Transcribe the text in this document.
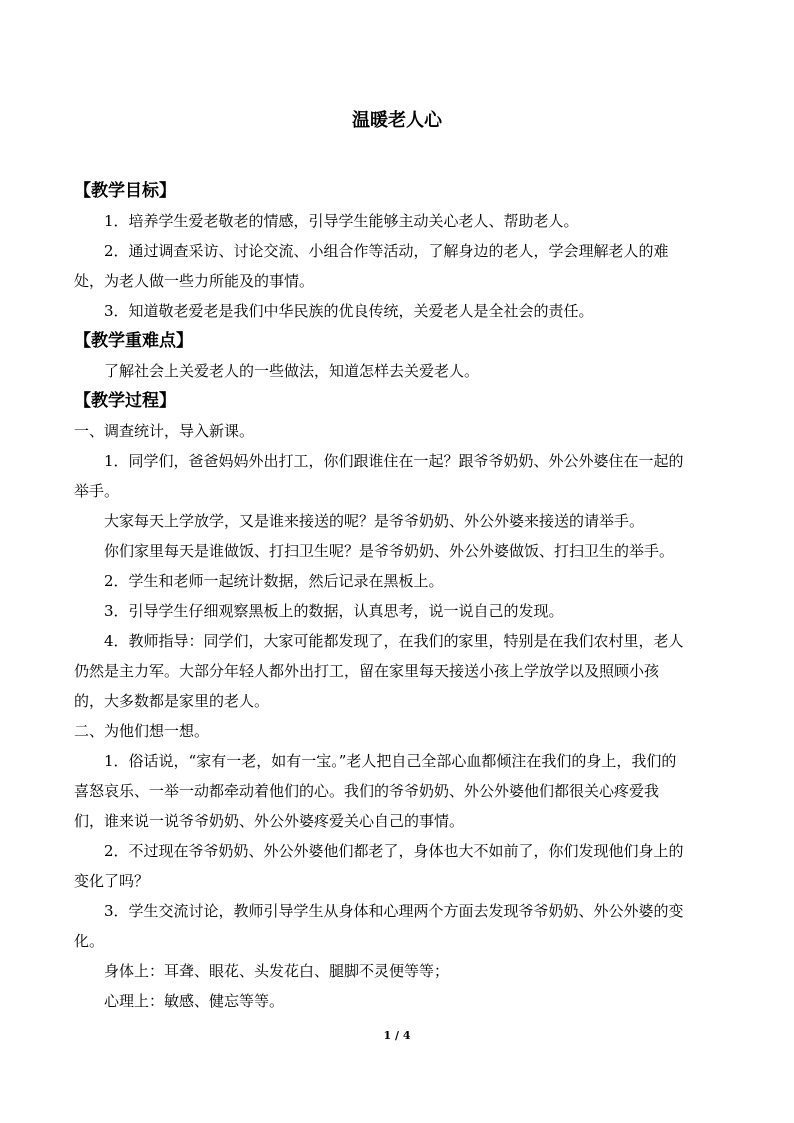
温暖老人心
【教学目标】
1．培养学生爱老敬老的情感，引导学生能够主动关心老人、帮助老人。
2．通过调查采访、讨论交流、小组合作等活动，了解身边的老人，学会理解老人的难
处，为老人做一些力所能及的事情。
3．知道敬老爱老是我们中华民族的优良传统，关爱老人是全社会的责任。
【教学重难点】
了解社会上关爱老人的一些做法，知道怎样去关爱老人。
【教学过程】
一、调查统计，导入新课。
1．同学们，爸爸妈妈外出打工，你们跟谁住在一起？跟爷爷奶奶、外公外婆住在一起的
举手。
大家每天上学放学，又是谁来接送的呢？是爷爷奶奶、外公外婆来接送的请举手。
你们家里每天是谁做饭、打扫卫生呢？是爷爷奶奶、外公外婆做饭、打扫卫生的举手。
2．学生和老师一起统计数据，然后记录在黑板上。
3．引导学生仔细观察黑板上的数据，认真思考，说一说自己的发现。
4．教师指导：同学们，大家可能都发现了，在我们的家里，特别是在我们农村里，老人
仍然是主力军。大部分年轻人都外出打工，留在家里每天接送小孩上学放学以及照顾小孩
的，大多数都是家里的老人。
二、为他们想一想。
1．俗话说，“家有一老，如有一宝。”老人把自己全部心血都倾注在我们的身上，我们的
喜怒哀乐、一举一动都牵动着他们的心。我们的爷爷奶奶、外公外婆他们都很关心疼爱我
们，谁来说一说爷爷奶奶、外公外婆疼爱关心自己的事情。
2．不过现在爷爷奶奶、外公外婆他们都老了，身体也大不如前了，你们发现他们身上的
变化了吗？
3．学生交流讨论，教师引导学生从身体和心理两个方面去发现爷爷奶奶、外公外婆的变
化。
身体上：耳聋、眼花、头发花白、腿脚不灵便等等；
心理上：敏感、健忘等等。
1 / 4
